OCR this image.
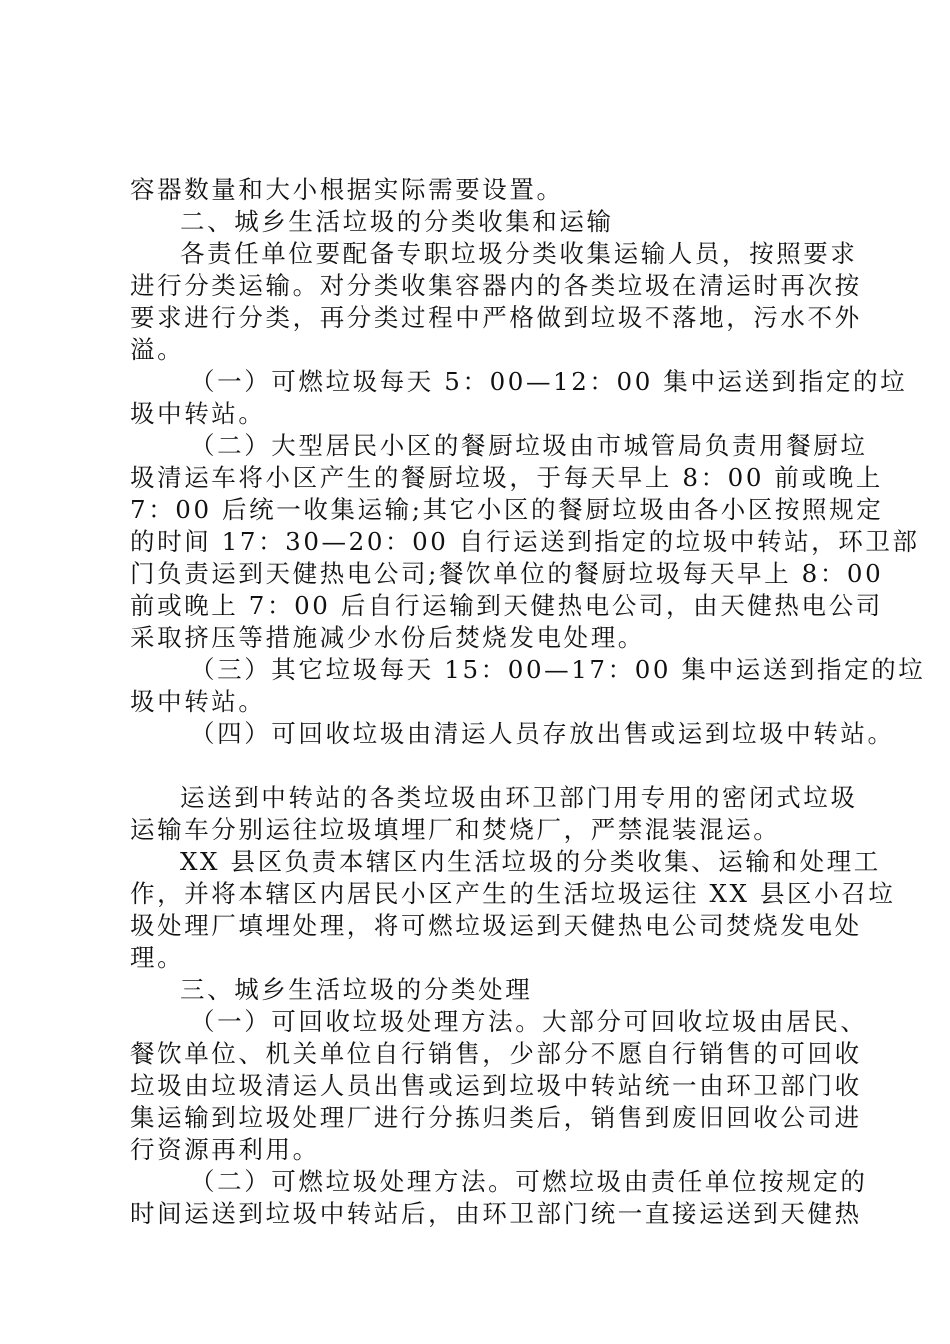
容器数量和大小根据实际需要设置。
二、城乡生活垃圾的分类收集和运输
各责任单位要配备专职垃圾分类收集运输人员，按照要求
进行分类运输。对分类收集容器内的各类垃圾在清运时再次按
要求进行分类，再分类过程中严格做到垃圾不落地，污水不外
溢。
（一）可燃垃圾每天 5：00—12：00 集中运送到指定的垃
圾中转站。
（二）大型居民小区的餐厨垃圾由市城管局负责用餐厨垃
圾清运车将小区产生的餐厨垃圾，于每天早上 8：00 前或晚上
7：00 后统一收集运输;其它小区的餐厨垃圾由各小区按照规定
的时间 17：30—20：00 自行运送到指定的垃圾中转站，环卫部
门负责运到天健热电公司;餐饮单位的餐厨垃圾每天早上 8：00
前或晚上 7：00 后自行运输到天健热电公司，由天健热电公司
采取挤压等措施减少水份后焚烧发电处理。
（三）其它垃圾每天 15：00—17：00 集中运送到指定的垃
圾中转站。
（四）可回收垃圾由清运人员存放出售或运到垃圾中转站。
运送到中转站的各类垃圾由环卫部门用专用的密闭式垃圾
运输车分别运往垃圾填埋厂和焚烧厂，严禁混装混运。
XX 县区负责本辖区内生活垃圾的分类收集、运输和处理工
作，并将本辖区内居民小区产生的生活垃圾运往 XX 县区小召垃
圾处理厂填埋处理，将可燃垃圾运到天健热电公司焚烧发电处
理。
三、城乡生活垃圾的分类处理
（一）可回收垃圾处理方法。大部分可回收垃圾由居民、
餐饮单位、机关单位自行销售，少部分不愿自行销售的可回收
垃圾由垃圾清运人员出售或运到垃圾中转站统一由环卫部门收
集运输到垃圾处理厂进行分拣归类后，销售到废旧回收公司进
行资源再利用。
（二）可燃垃圾处理方法。可燃垃圾由责任单位按规定的
时间运送到垃圾中转站后，由环卫部门统一直接运送到天健热
